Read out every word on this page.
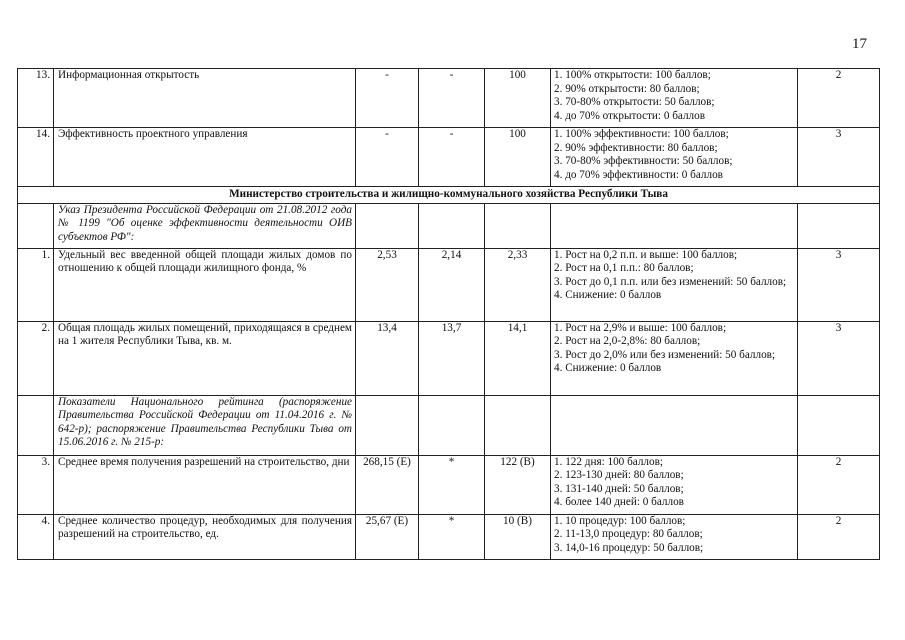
17
13.	Информационная открытость	-	-	100	1. 100% открытости: 100 баллов;
2. 90% открытости: 80 баллов;
3. 70-80% открытости: 50 баллов;
4. до 70% открытости: 0 баллов	2
14.	Эффективность проектного управления	-	-	100	1. 100% эффективности: 100 баллов;
2. 90% эффективности: 80 баллов;
3. 70-80% эффективности: 50 баллов;
4. до 70% эффективности: 0 баллов	3
Министерство строительства и жилищно-коммунального хозяйства Республики Тыва						
	Указ Президента Российской Федерации от 21.08.2012 года № 1199 "Об оценке эффективности деятельности ОИВ субъектов РФ":					
1.	Удельный вес введенной общей площади жилых домов по отношению к общей площади жилищного фонда, %	2,53	2,14	2,33	1. Рост на 0,2 п.п. и выше: 100 баллов;
2. Рост на 0,1 п.п.: 80 баллов;
3. Рост до 0,1 п.п. или без изменений: 50 баллов;
4. Снижение: 0 баллов	3
2.	Общая площадь жилых помещений, приходящаяся в среднем на 1 жителя Республики Тыва, кв. м.	13,4	13,7	14,1	1. Рост на 2,9% и выше: 100 баллов;
2. Рост на 2,0-2,8%: 80 баллов;
3. Рост до 2,0% или без изменений: 50 баллов;
4. Снижение: 0 баллов	3
	Показатели Национального рейтинга (распоряжение Правительства Российской Федерации от 11.04.2016 г. № 642-р); распоряжение Правительства Республики Тыва от 15.06.2016 г. № 215-р:					
3.	Среднее время получения разрешений на строительство, дни	268,15 (Е)	*	122 (В)	1. 122 дня: 100 баллов;
2. 123-130 дней: 80 баллов;
3. 131-140 дней: 50 баллов;
4. более 140 дней: 0 баллов	2
4.	Среднее количество процедур, необходимых для получения разрешений на строительство, ед.	25,67 (Е)	*	10 (В)	1. 10 процедур: 100 баллов;
2. 11-13,0 процедур: 80 баллов;
3. 14,0-16 процедур: 50 баллов;	2
